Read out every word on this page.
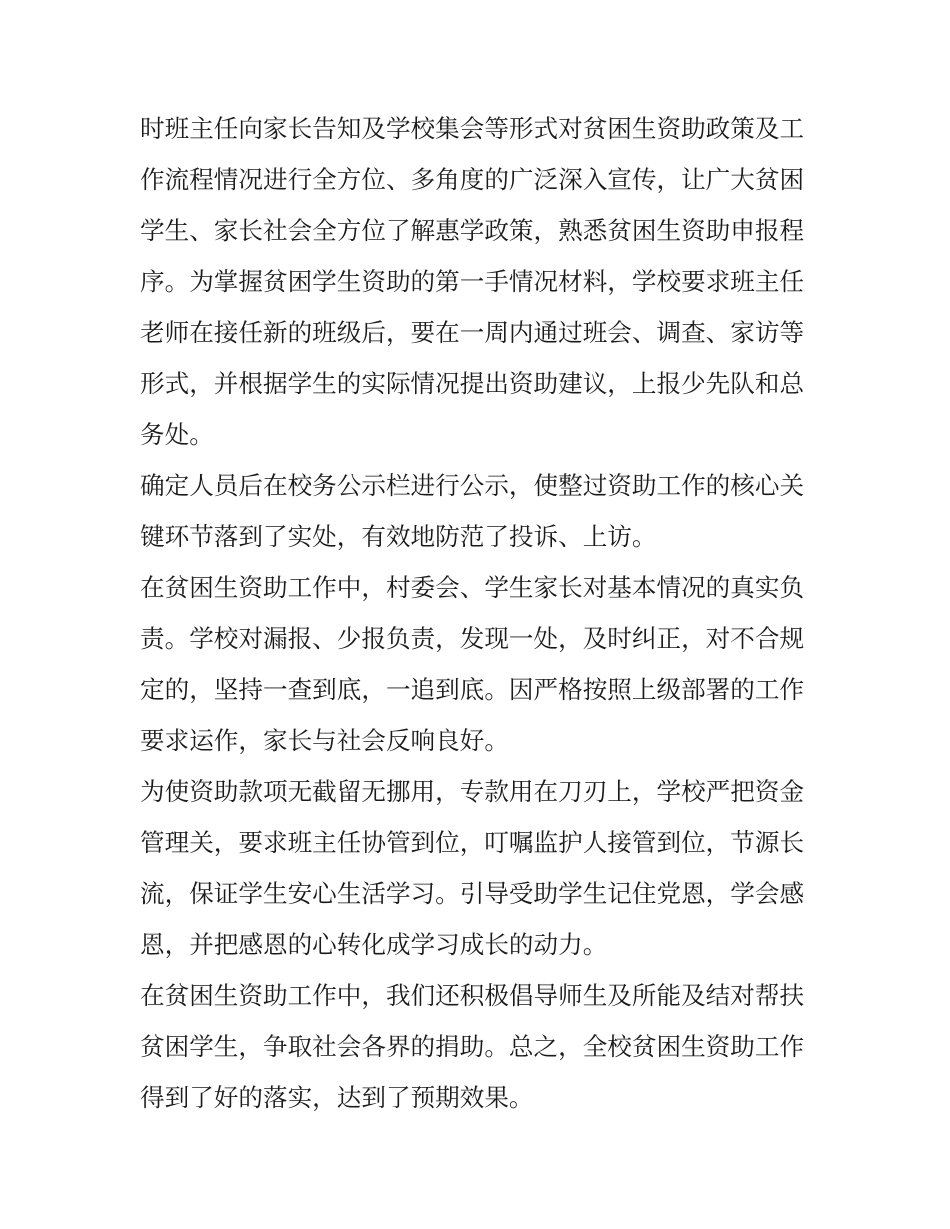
时班主任向家长告知及学校集会等形式对贫困生资助政策及工
作流程情况进行全方位、多角度的广泛深入宣传，让广大贫困
学生、家长社会全方位了解惠学政策，熟悉贫困生资助申报程
序。为掌握贫困学生资助的第一手情况材料，学校要求班主任
老师在接任新的班级后，要在一周内通过班会、调查、家访等
形式，并根据学生的实际情况提出资助建议，上报少先队和总
务处。
确定人员后在校务公示栏进行公示，使整过资助工作的核心关
键环节落到了实处，有效地防范了投诉、上访。
在贫困生资助工作中，村委会、学生家长对基本情况的真实负
责。学校对漏报、少报负责，发现一处，及时纠正，对不合规
定的，坚持一查到底，一追到底。因严格按照上级部署的工作
要求运作，家长与社会反响良好。
为使资助款项无截留无挪用，专款用在刀刃上，学校严把资金
管理关，要求班主任协管到位，叮嘱监护人接管到位，节源长
流，保证学生安心生活学习。引导受助学生记住党恩，学会感
恩，并把感恩的心转化成学习成长的动力。
在贫困生资助工作中，我们还积极倡导师生及所能及结对帮扶
贫困学生，争取社会各界的捐助。总之，全校贫困生资助工作
得到了好的落实，达到了预期效果。
